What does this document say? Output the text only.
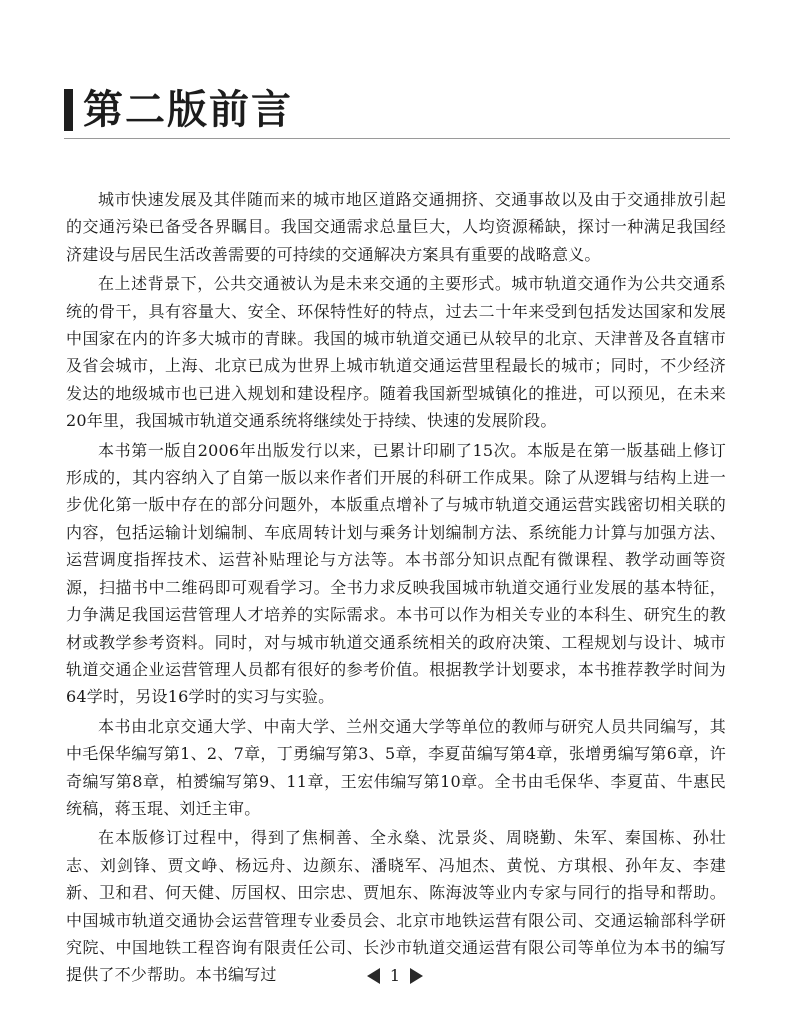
第二版前言

城市快速发展及其伴随而来的城市地区道路交通拥挤、交通事故以及由于交通排放引起的交通污染已备受各界瞩目。我国交通需求总量巨大，人均资源稀缺，探讨一种满足我国经济建设与居民生活改善需要的可持续的交通解决方案具有重要的战略意义。

在上述背景下，公共交通被认为是未来交通的主要形式。城市轨道交通作为公共交通系统的骨干，具有容量大、安全、环保特性好的特点，过去二十年来受到包括发达国家和发展中国家在内的许多大城市的青睐。我国的城市轨道交通已从较早的北京、天津普及各直辖市及省会城市，上海、北京已成为世界上城市轨道交通运营里程最长的城市；同时，不少经济发达的地级城市也已进入规划和建设程序。随着我国新型城镇化的推进，可以预见，在未来20年里，我国城市轨道交通系统将继续处于持续、快速的发展阶段。

本书第一版自2006年出版发行以来，已累计印刷了15次。本版是在第一版基础上修订形成的，其内容纳入了自第一版以来作者们开展的科研工作成果。除了从逻辑与结构上进一步优化第一版中存在的部分问题外，本版重点增补了与城市轨道交通运营实践密切相关联的内容，包括运输计划编制、车底周转计划与乘务计划编制方法、系统能力计算与加强方法、运营调度指挥技术、运营补贴理论与方法等。本书部分知识点配有微课程、教学动画等资源，扫描书中二维码即可观看学习。全书力求反映我国城市轨道交通行业发展的基本特征，力争满足我国运营管理人才培养的实际需求。本书可以作为相关专业的本科生、研究生的教材或教学参考资料。同时，对与城市轨道交通系统相关的政府决策、工程规划与设计、城市轨道交通企业运营管理人员都有很好的参考价值。根据教学计划要求，本书推荐教学时间为64学时，另设16学时的实习与实验。

本书由北京交通大学、中南大学、兰州交通大学等单位的教师与研究人员共同编写，其中毛保华编写第1、2、7章，丁勇编写第3、5章，李夏苗编写第4章，张增勇编写第6章，许奇编写第8章，柏赟编写第9、11章，王宏伟编写第10章。全书由毛保华、李夏苗、牛惠民统稿，蒋玉琨、刘迁主审。

在本版修订过程中，得到了焦桐善、全永燊、沈景炎、周晓勤、朱军、秦国栋、孙壮志、刘剑锋、贾文峥、杨远舟、边颜东、潘晓军、冯旭杰、黄悦、方琪根、孙年友、李建新、卫和君、何天健、厉国权、田宗忠、贾旭东、陈海波等业内专家与同行的指导和帮助。中国城市轨道交通协会运营管理专业委员会、北京市地铁运营有限公司、交通运输部科学研究院、中国地铁工程咨询有限责任公司、长沙市轨道交通运营有限公司等单位为本书的编写提供了不少帮助。本书编写过	1
